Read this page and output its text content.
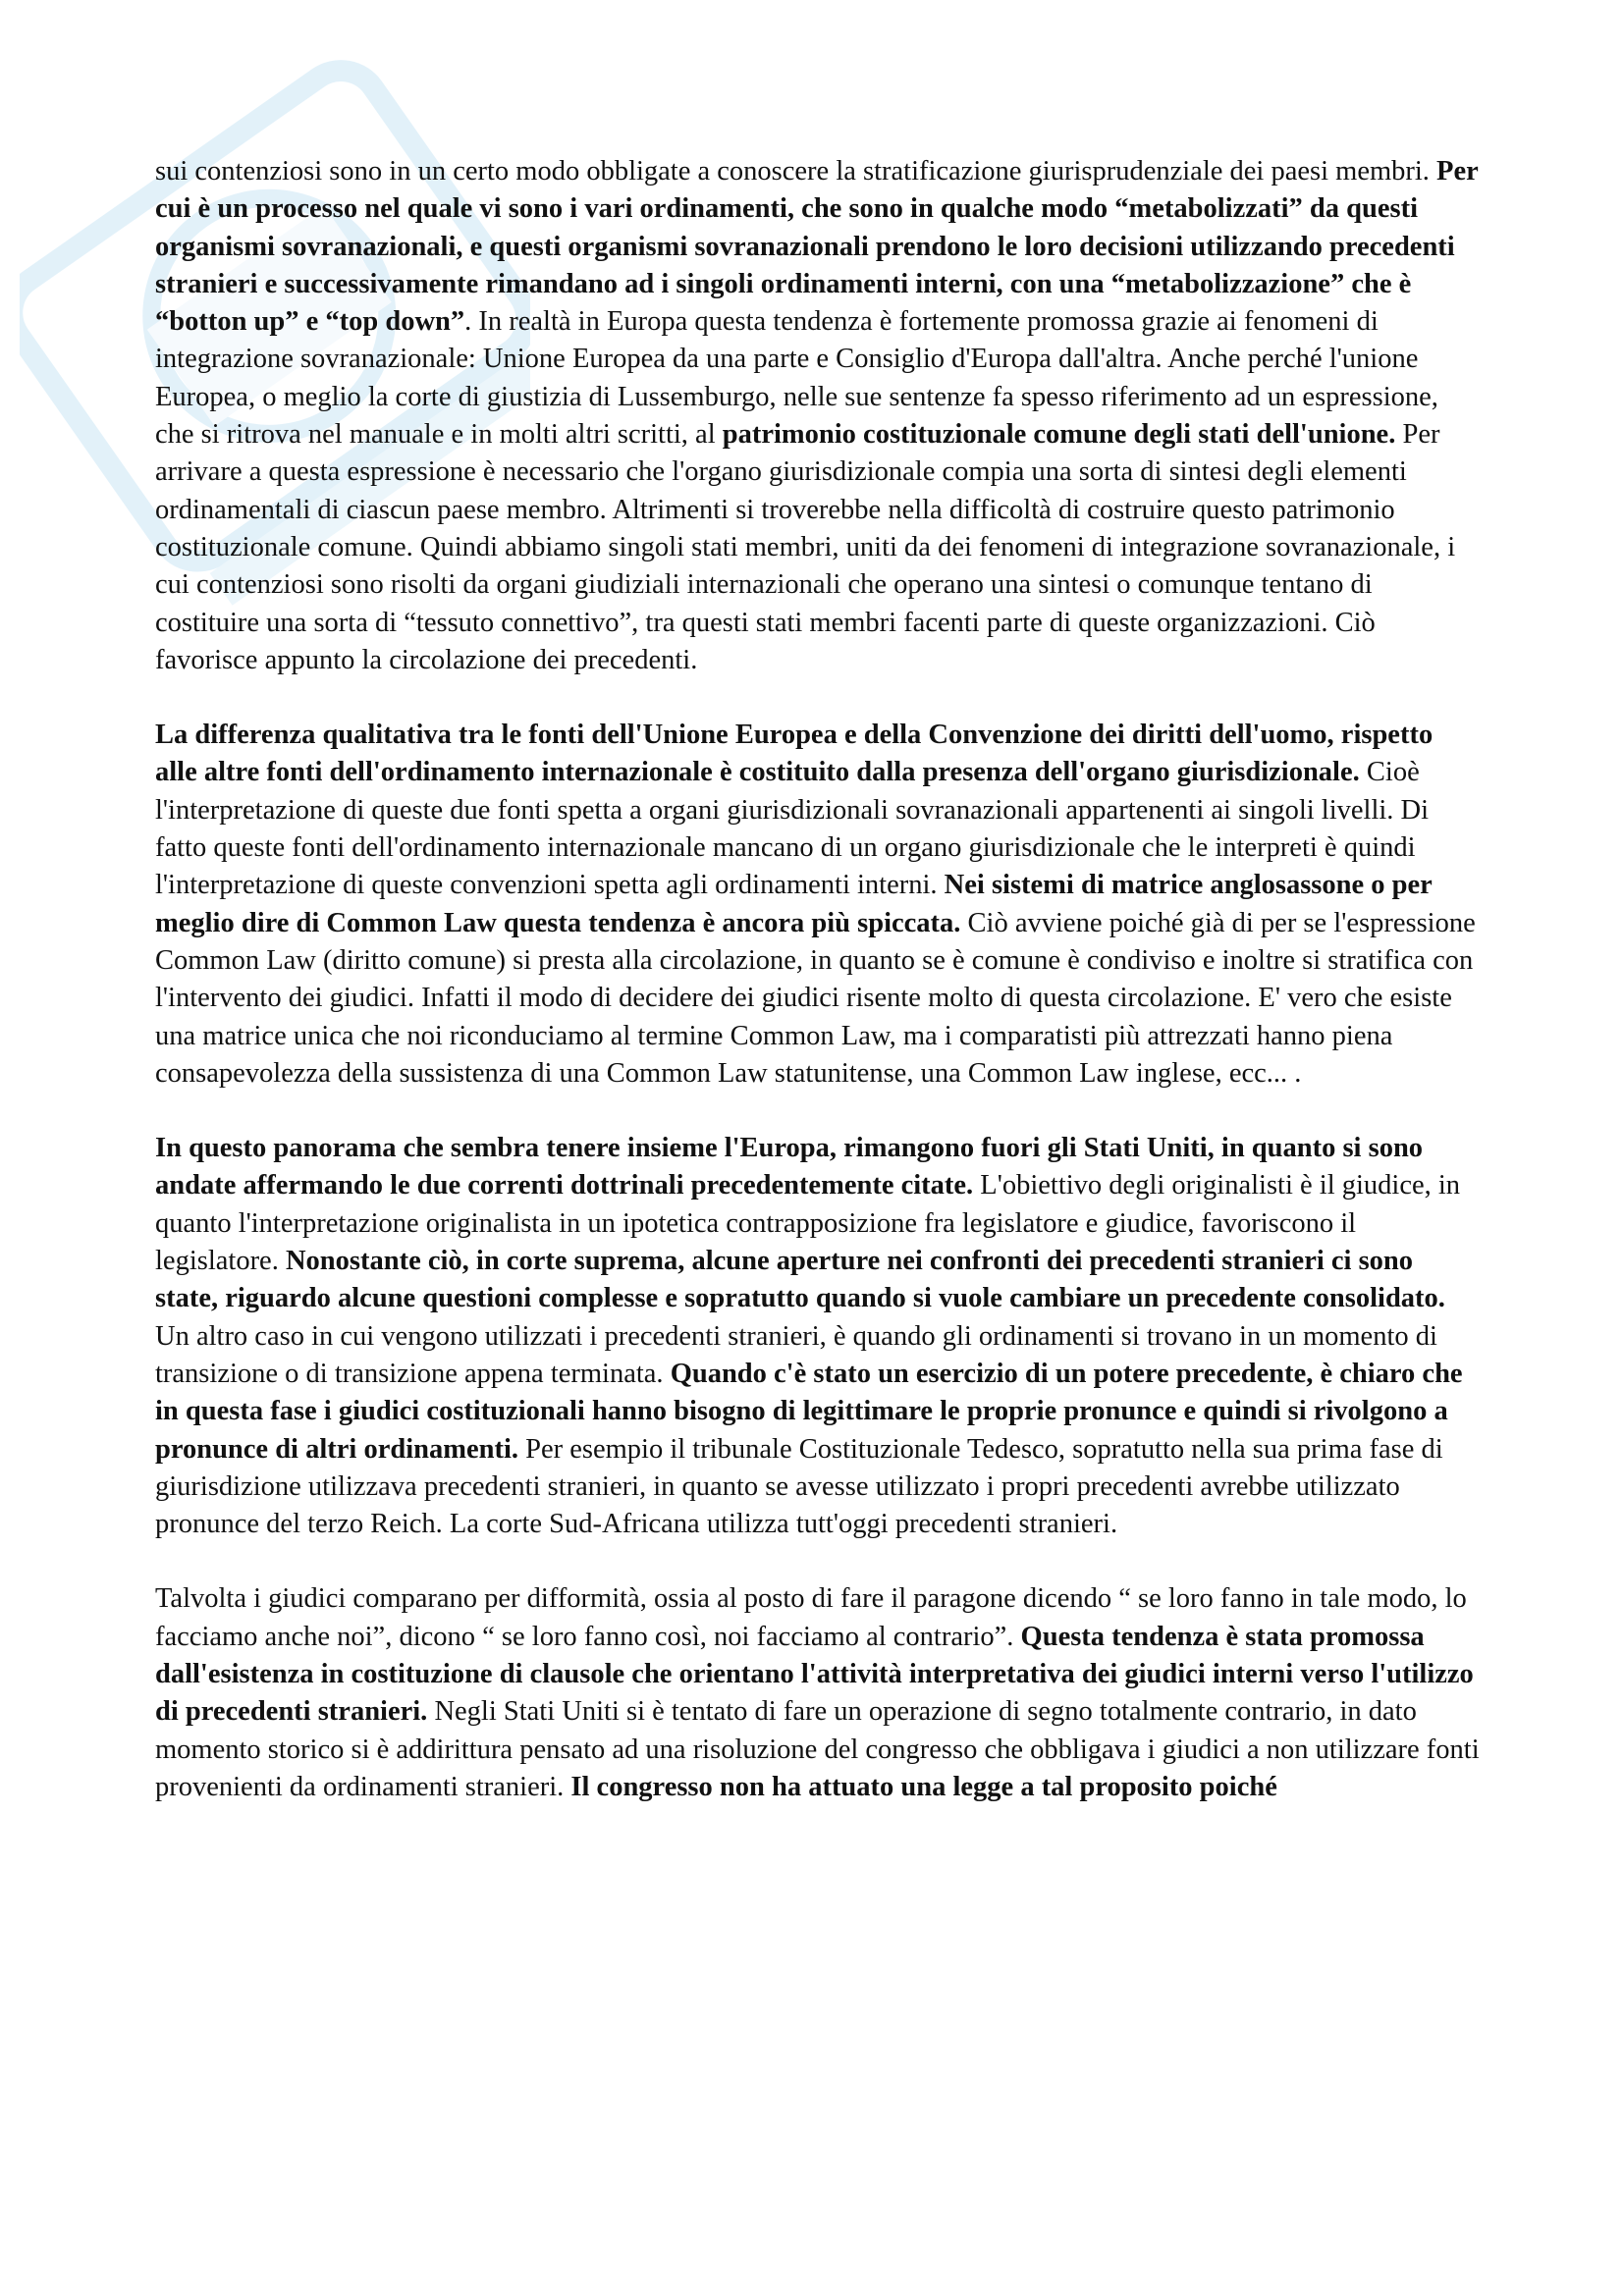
sui contenziosi sono in un certo modo obbligate a conoscere la stratificazione giurisprudenziale dei paesi membri. Per cui è un processo nel quale vi sono i vari ordinamenti, che sono in qualche modo “metabolizzati” da questi organismi sovranazionali, e questi organismi sovranazionali prendono le loro decisioni utilizzando precedenti stranieri e successivamente rimandano ad i singoli ordinamenti interni, con una “metabolizzazione” che è “botton up” e “top down”. In realtà in Europa questa tendenza è fortemente promossa grazie ai fenomeni di integrazione sovranazionale: Unione Europea da una parte e Consiglio d'Europa dall'altra. Anche perché l'unione Europea, o meglio la corte di giustizia di Lussemburgo, nelle sue sentenze fa spesso riferimento ad un espressione, che si ritrova nel manuale e in molti altri scritti, al patrimonio costituzionale comune degli stati dell'unione. Per arrivare a questa espressione è necessario che l'organo giurisdizionale compia una sorta di sintesi degli elementi ordinamentali di ciascun paese membro. Altrimenti si troverebbe nella difficoltà di costruire questo patrimonio costituzionale comune. Quindi abbiamo singoli stati membri, uniti da dei fenomeni di integrazione sovranazionale, i cui contenziosi sono risolti da organi giudiziali internazionali che operano una sintesi o comunque tentano di costituire una sorta di “tessuto connettivo”, tra questi stati membri facenti parte di queste organizzazioni. Ciò favorisce appunto la circolazione dei precedenti.

La differenza qualitativa tra le fonti dell'Unione Europea e della Convenzione dei diritti dell'uomo, rispetto alle altre fonti dell'ordinamento internazionale è costituito dalla presenza dell'organo giurisdizionale. Cioè l'interpretazione di queste due fonti spetta a organi giurisdizionali sovranazionali appartenenti ai singoli livelli. Di fatto queste fonti dell'ordinamento internazionale mancano di un organo giurisdizionale che le interpreti è quindi l'interpretazione di queste convenzioni spetta agli ordinamenti interni. Nei sistemi di matrice anglosassone o per meglio dire di Common Law questa tendenza è ancora più spiccata. Ciò avviene poiché già di per se l'espressione Common Law (diritto comune) si presta alla circolazione, in quanto se è comune è condiviso e inoltre si stratifica con l'intervento dei giudici. Infatti il modo di decidere dei giudici risente molto di questa circolazione. E' vero che esiste una matrice unica che noi riconduciamo al termine Common Law, ma i comparatisti più attrezzati hanno piena consapevolezza della sussistenza di una Common Law statunitense, una Common Law inglese, ecc... .

In questo panorama che sembra tenere insieme l'Europa, rimangono fuori gli Stati Uniti, in quanto si sono andate affermando le due correnti dottrinali precedentemente citate. L'obiettivo degli originalisti è il giudice, in quanto l'interpretazione originalista in un ipotetica contrapposizione fra legislatore e giudice, favoriscono il legislatore. Nonostante ciò, in corte suprema, alcune aperture nei confronti dei precedenti stranieri ci sono state, riguardo alcune questioni complesse e sopratutto quando si vuole cambiare un precedente consolidato. Un altro caso in cui vengono utilizzati i precedenti stranieri, è quando gli ordinamenti si trovano in un momento di transizione o di transizione appena terminata. Quando c'è stato un esercizio di un potere precedente, è chiaro che in questa fase i giudici costituzionali hanno bisogno di legittimare le proprie pronunce e quindi si rivolgono a pronunce di altri ordinamenti. Per esempio il tribunale Costituzionale Tedesco, sopratutto nella sua prima fase di giurisdizione utilizzava precedenti stranieri, in quanto se avesse utilizzato i propri precedenti avrebbe utilizzato pronunce del terzo Reich. La corte Sud-Africana utilizza tutt'oggi precedenti stranieri.

Talvolta i giudici comparano per difformità, ossia al posto di fare il paragone dicendo “ se loro fanno in tale modo, lo facciamo anche noi”, dicono “ se loro fanno così, noi facciamo al contrario”. Questa tendenza è stata promossa dall'esistenza in costituzione di clausole che orientano l'attività interpretativa dei giudici interni verso l'utilizzo di precedenti stranieri. Negli Stati Uniti si è tentato di fare un operazione di segno totalmente contrario, in dato momento storico si è addirittura pensato ad una risoluzione del congresso che obbligava i giudici a non utilizzare fonti provenienti da ordinamenti stranieri. Il congresso non ha attuato una legge a tal proposito poiché
